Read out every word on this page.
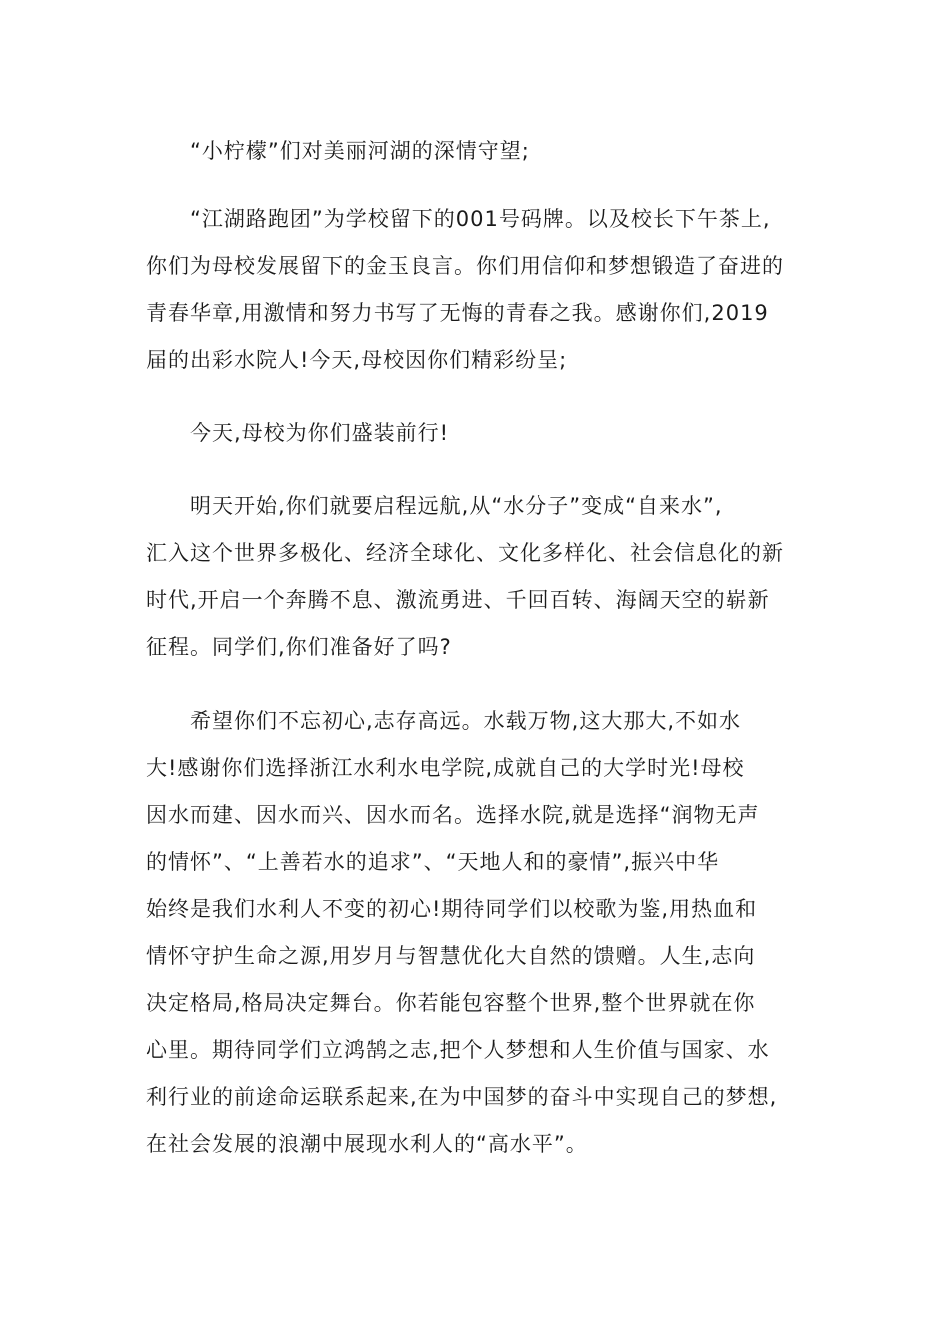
“小柠檬”们对美丽河湖的深情守望;
“江湖路跑团”为学校留下的001号码牌。以及校长下午茶上,
你们为母校发展留下的金玉良言。你们用信仰和梦想锻造了奋进的
青春华章,用激情和努力书写了无悔的青春之我。感谢你们,2019
届的出彩水院人!今天,母校因你们精彩纷呈;
今天,母校为你们盛装前行!
明天开始,你们就要启程远航,从“水分子”变成“自来水”,
汇入这个世界多极化、经济全球化、文化多样化、社会信息化的新
时代,开启一个奔腾不息、激流勇进、千回百转、海阔天空的崭新
征程。同学们,你们准备好了吗?
希望你们不忘初心,志存高远。水载万物,这大那大,不如水
大!感谢你们选择浙江水利水电学院,成就自己的大学时光!母校
因水而建、因水而兴、因水而名。选择水院,就是选择“润物无声
的情怀”、“上善若水的追求”、“天地人和的豪情”,振兴中华
始终是我们水利人不变的初心!期待同学们以校歌为鉴,用热血和
情怀守护生命之源,用岁月与智慧优化大自然的馈赠。人生,志向
决定格局,格局决定舞台。你若能包容整个世界,整个世界就在你
心里。期待同学们立鸿鹄之志,把个人梦想和人生价值与国家、水
利行业的前途命运联系起来,在为中国梦的奋斗中实现自己的梦想,
在社会发展的浪潮中展现水利人的“高水平”。
